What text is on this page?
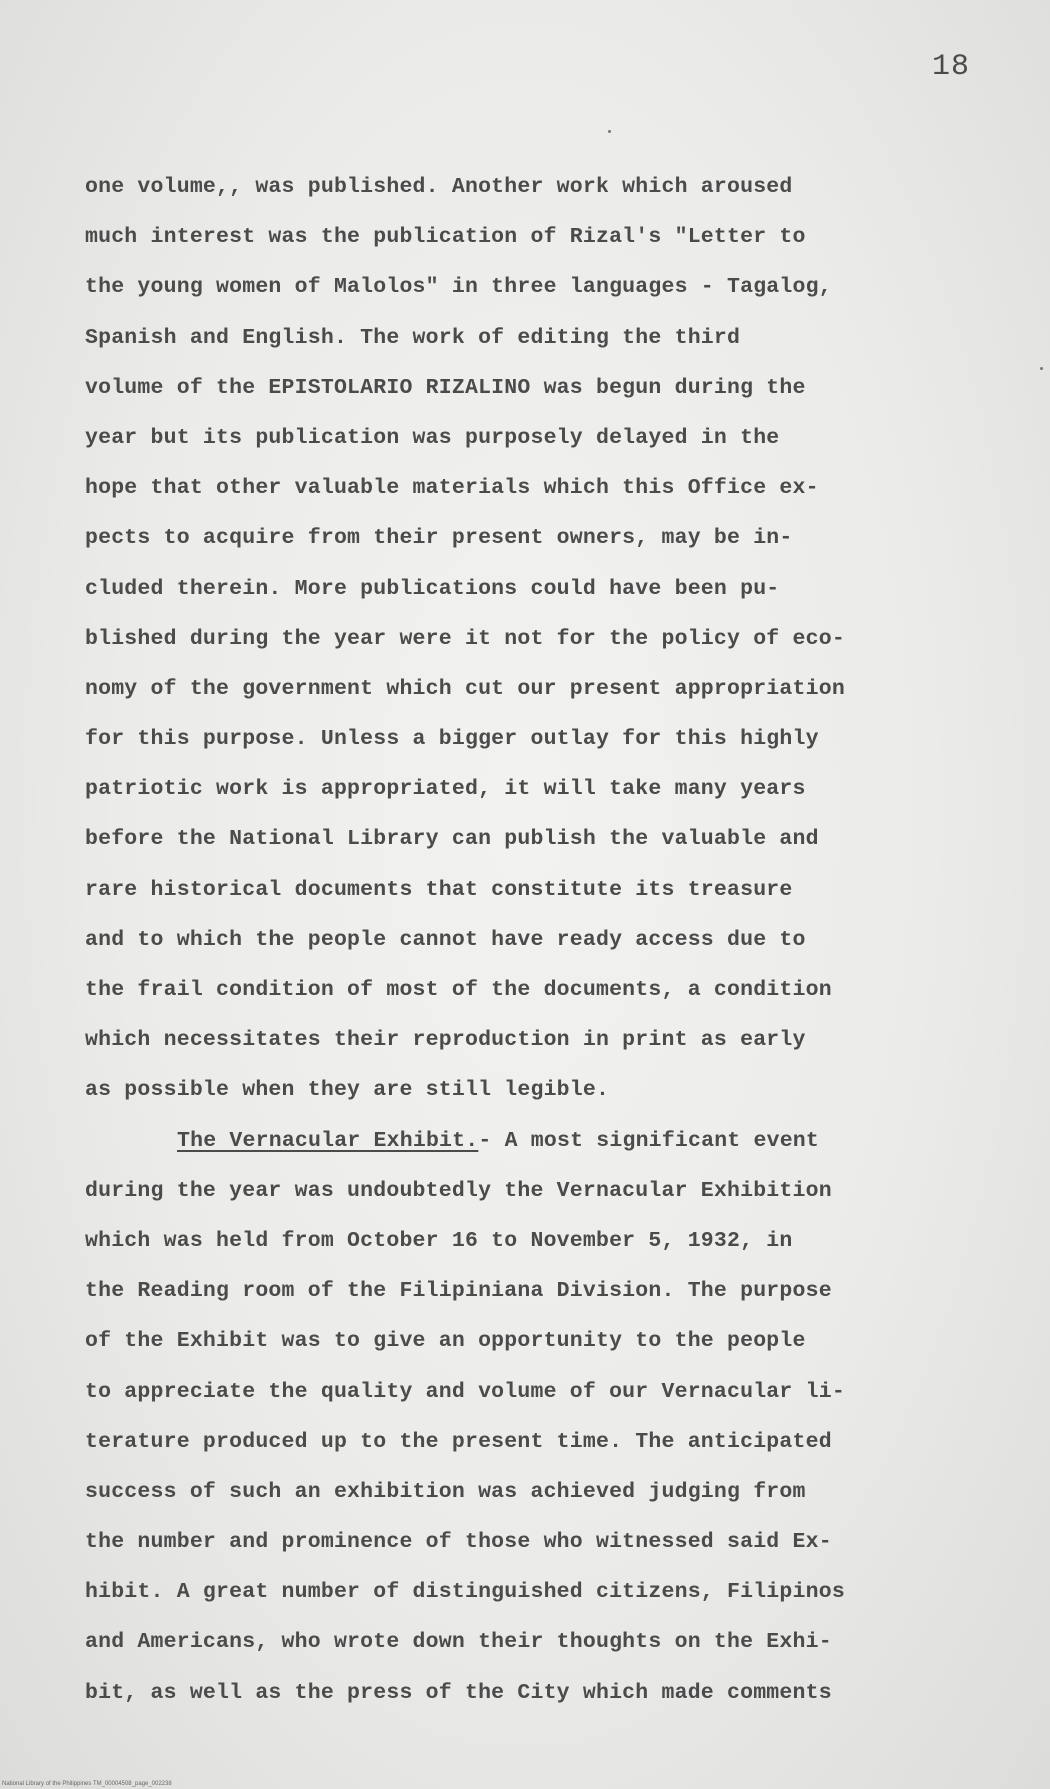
18
one volume,, was published. Another work which aroused
much interest was the publication of Rizal's "Letter to
the young women of Malolos" in three languages - Tagalog,
Spanish and English. The work of editing the third
volume of the EPISTOLARIO RIZALINO was begun during the
year but its publication was purposely delayed in the
hope that other valuable materials which this Office ex-
pects to acquire from their present owners, may be in-
cluded therein. More publications could have been pu-
blished during the year were it not for the policy of eco-
nomy of the government which cut our present appropriation
for this purpose. Unless a bigger outlay for this highly
patriotic work is appropriated, it will take many years
before the National Library can publish the valuable and
rare historical documents that constitute its treasure
and to which the people cannot have ready access due to
the frail condition of most of the documents, a condition
which necessitates their reproduction in print as early
as possible when they are still legible.
The Vernacular Exhibit.- A most significant event
during the year was undoubtedly the Vernacular Exhibition
which was held from October 16 to November 5, 1932, in
the Reading room of the Filipiniana Division. The purpose
of the Exhibit was to give an opportunity to the people
to appreciate the quality and volume of our Vernacular li-
terature produced up to the present time. The anticipated
success of such an exhibition was achieved judging from
the number and prominence of those who witnessed said Ex-
hibit. A great number of distinguished citizens, Filipinos
and Americans, who wrote down their thoughts on the Exhi-
bit, as well as the press of the City which made comments
National Library of the Philippines TM_00004508_page_002238
